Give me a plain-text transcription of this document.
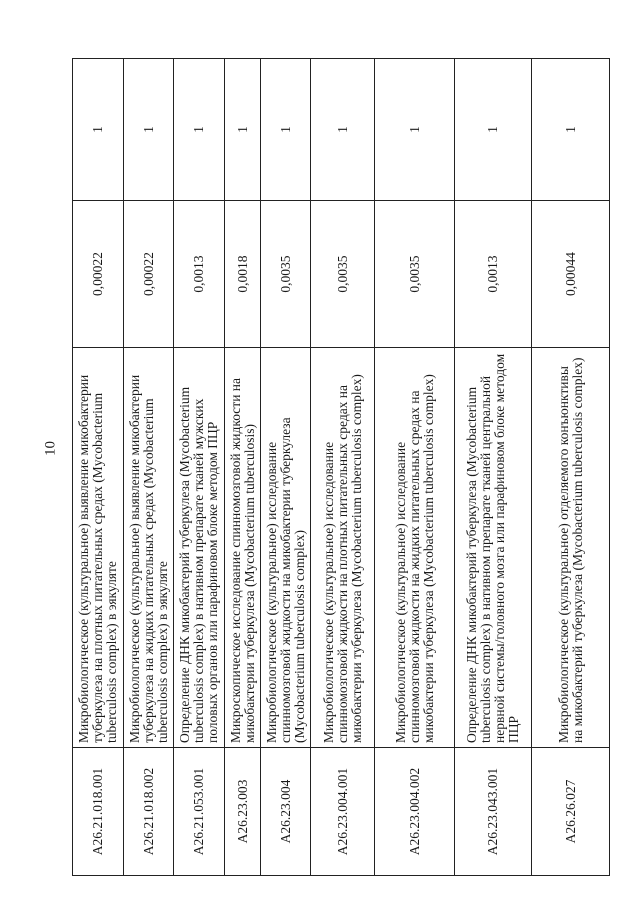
10
A26.21.018.001	Микробиологическое (культуральное) выявление микобактерии туберкулеза на плотных питательных средах (Mycobacterium tuberculosis complex) в эякуляте	0,00022	1
A26.21.018.002	Микробиологическое (культуральное) выявление микобактерии туберкулеза на жидких питательных средах (Mycobacterium tuberculosis complex) в эякуляте	0,00022	1
A26.21.053.001	Определение ДНК микобактерий туберкулеза (Mycobacterium tuberculosis complex) в нативном препарате тканей мужских половых органов или парафиновом блоке методом ПЦР	0,0013	1
A26.23.003	Микроскопическое исследование спинномозговой жидкости на микобактерии туберкулеза (Mycobacterium tuberculosis)	0,0018	1
A26.23.004	Микробиологическое (культуральное) исследование спинномозговой жидкости на микобактерии туберкулеза (Mycobacterium tuberculosis complex)	0,0035	1
A26.23.004.001	Микробиологическое (культуральное) исследование спинномозговой жидкости на плотных питательных средах на микобактерии туберкулеза (Mycobacterium tuberculosis complex)	0,0035	1
A26.23.004.002	Микробиологическое (культуральное) исследование спинномозговой жидкости на жидких питательных средах на микобактерии туберкулеза (Mycobacterium tuberculosis complex)	0,0035	1
A26.23.043.001	Определение ДНК микобактерий туберкулеза (Mycobacterium tuberculosis complex) в нативном препарате тканей центральной нервной системы/головного мозга или парафиновом блоке методом ПЦР	0,0013	1
A26.26.027	Микробиологическое (культуральное) отделяемого конъюнктивы на микобактерий туберкулеза (Mycobacterium tuberculosis complex)	0,00044	1
